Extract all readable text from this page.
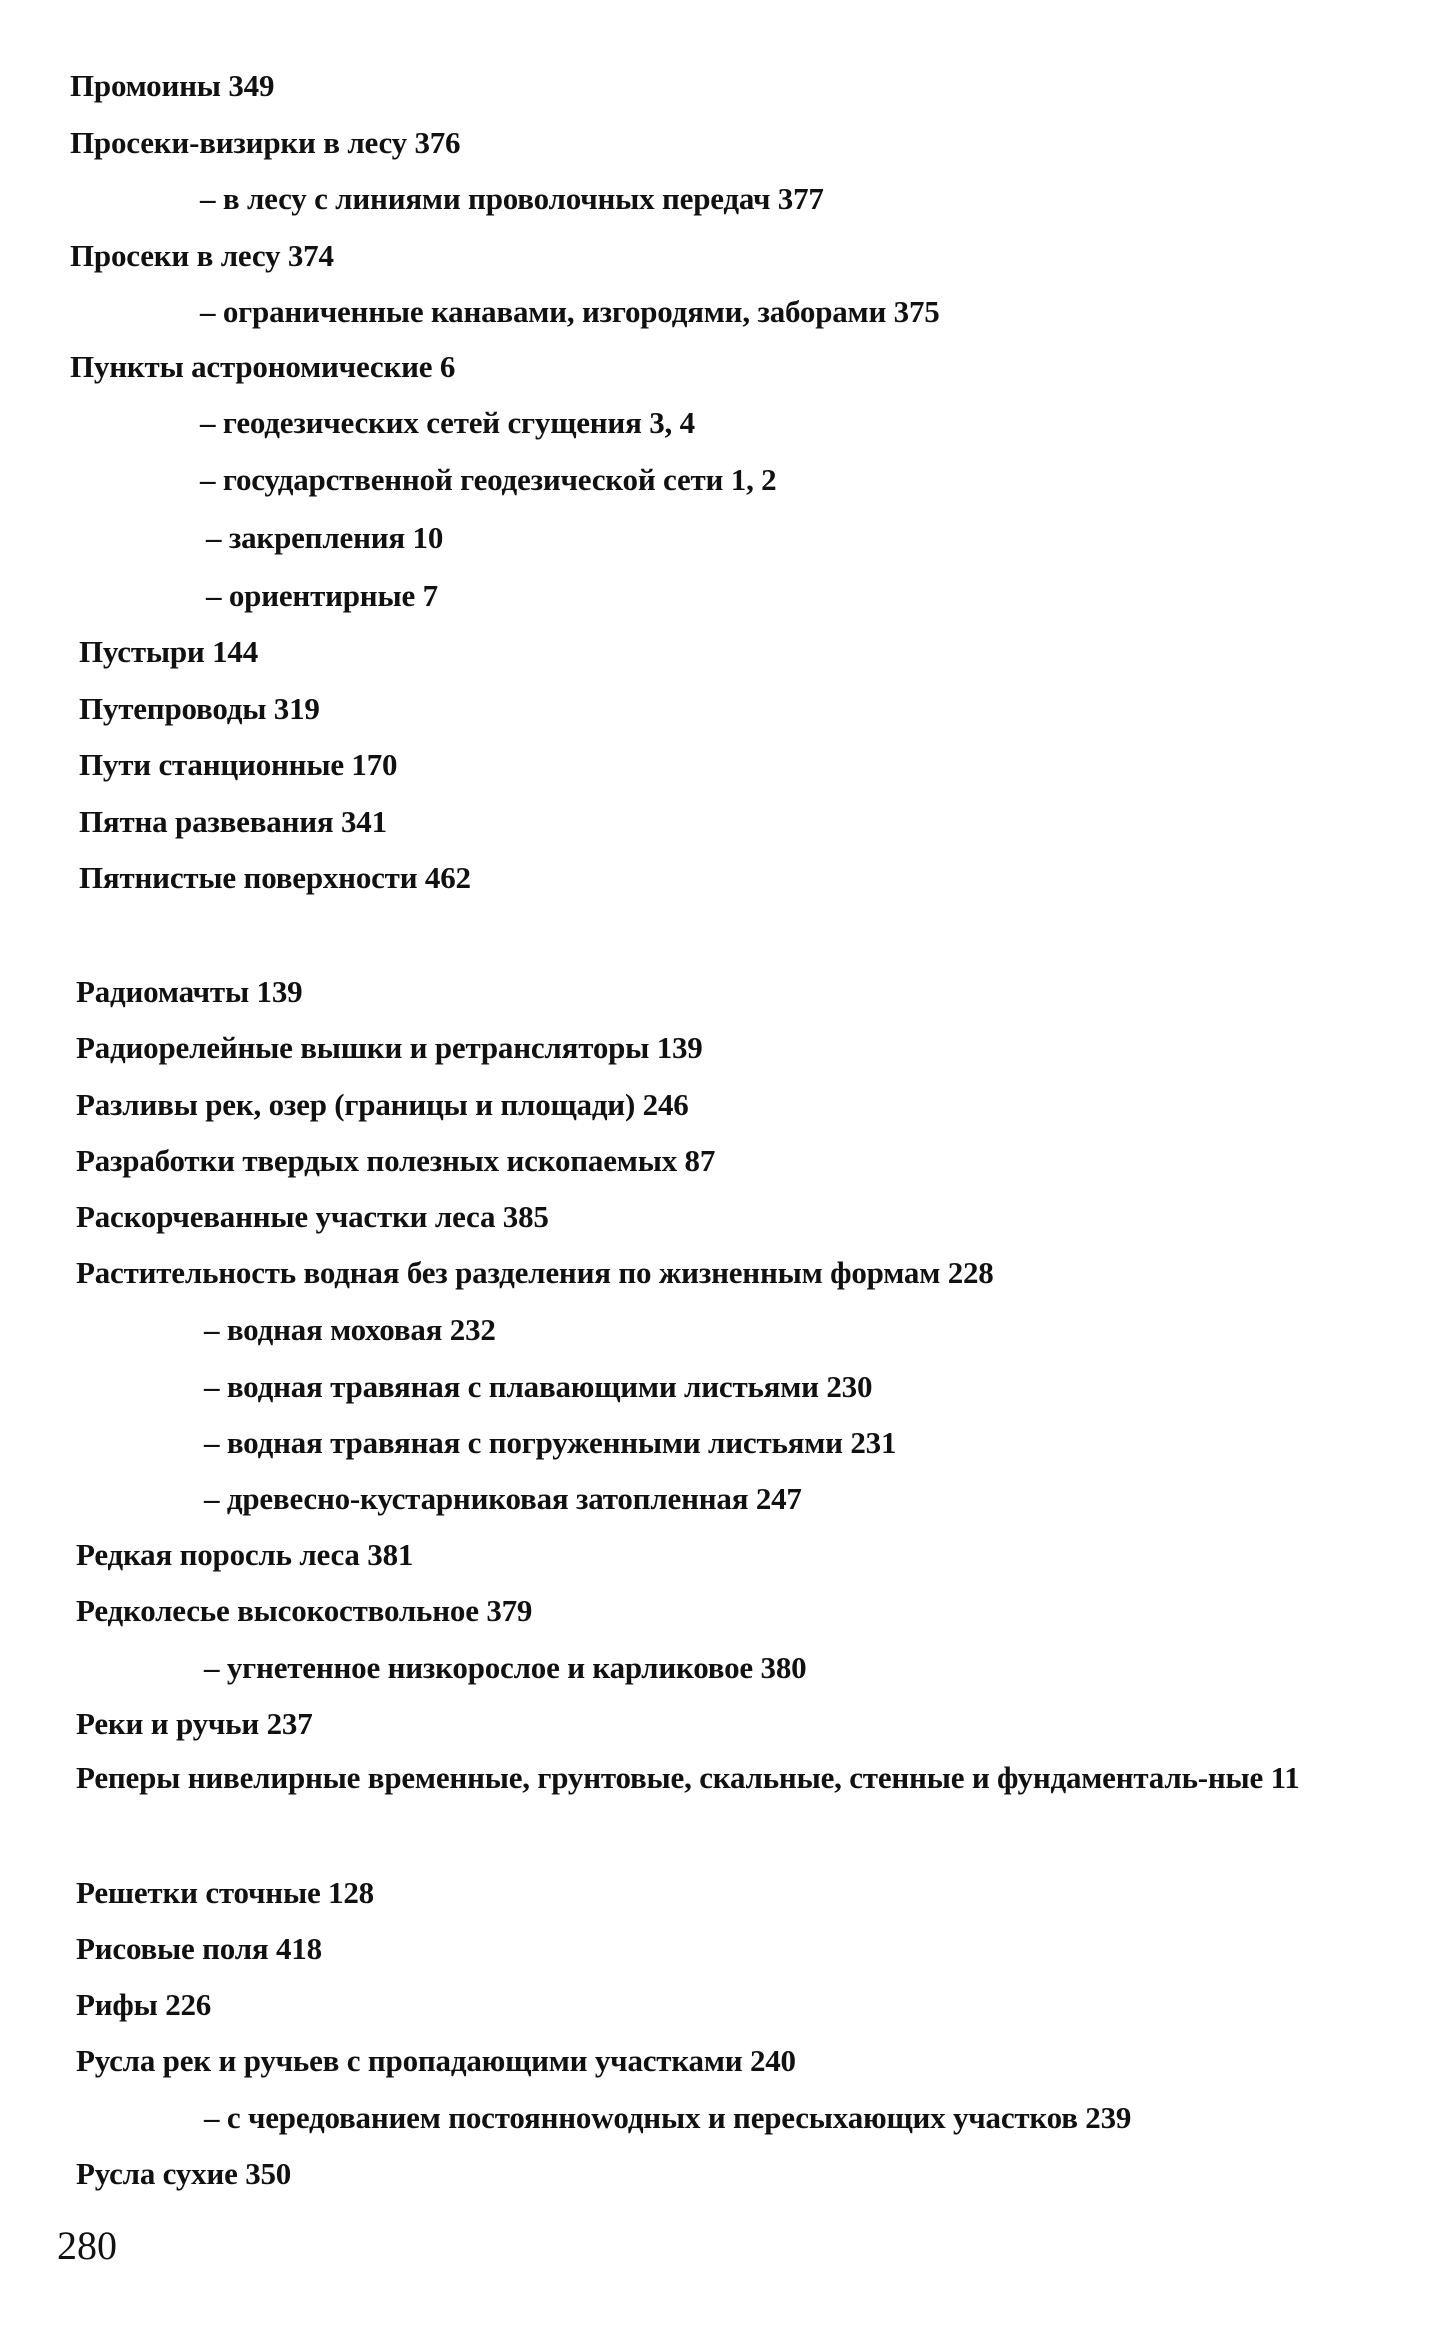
Промоины 349
Просеки-визирки в лесу 376
– в лесу с линиями проволочных передач 377
Просеки в лесу 374
– ограниченные канавами, изгородями, заборами 375
Пункты астрономические 6
– геодезических сетей сгущения 3, 4
– государственной геодезической сети 1, 2
– закрепления 10
– ориентирные 7
Пустыри 144
Путепроводы 319
Пути станционные 170
Пятна развевания 341
Пятнистые поверхности 462
Радиомачты 139
Радиорелейные вышки и ретрансляторы 139
Разливы рек, озер (границы и площади) 246
Разработки твердых полезных ископаемых 87
Раскорчеванные участки леса 385
Растительность водная без разделения по жизненным формам 228
– водная моховая 232
– водная травяная с плавающими листьями 230
– водная травяная с погруженными листьями 231
– древесно-кустарниковая затопленная 247
Редкая поросль леса 381
Редколесье высокоствольное 379
– угнетенное низкорослое и карликовое 380
Реки и ручьи 237
Реперы нивелирные временные, грунтовые, скальные, стенные и фундаменталь-ные 11
Решетки сточные 128
Рисовые поля 418
Рифы 226
Русла рек и ручьев с пропадающими участками 240
– с чередованием постояннowодных и пересыхающих участков 239
Русла сухие 350
280
